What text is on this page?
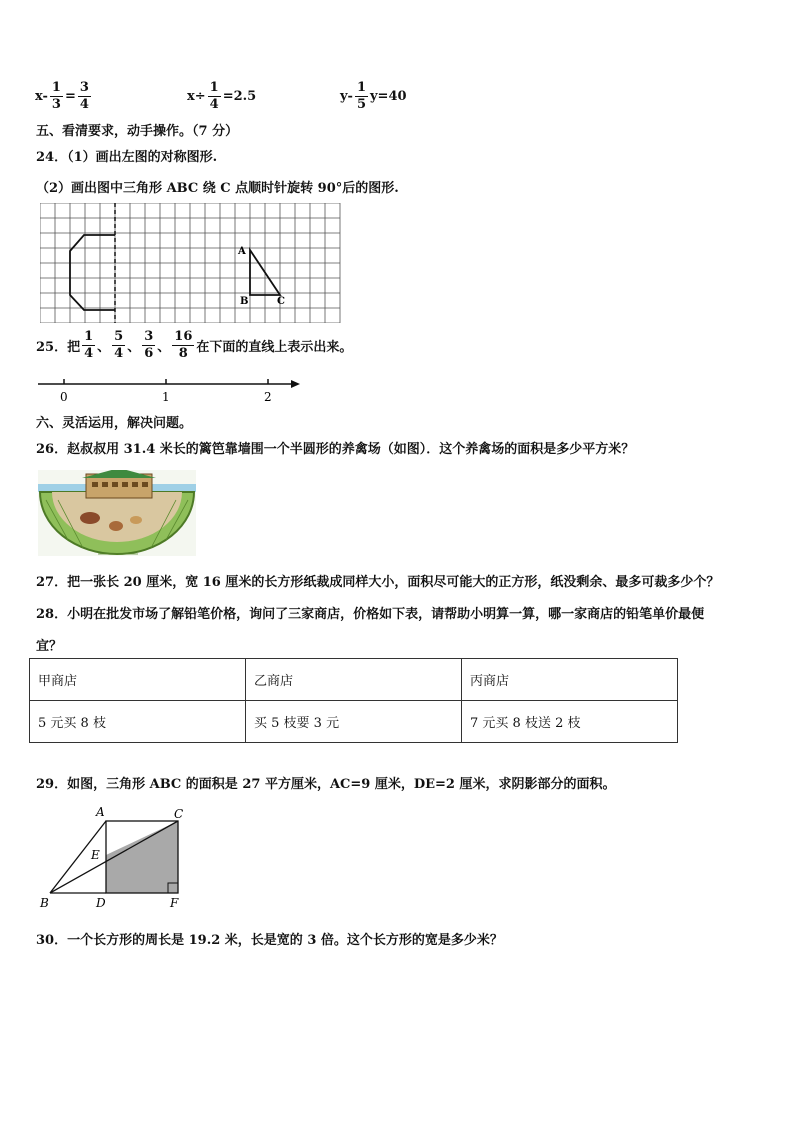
$x- \frac{1}{3} = \frac{3}{4}$	$x\div \frac{1}{4} =2.5$	$y- \frac{1}{5} y=40$
五、看清要求，动手操作。（7 分）
24．（1）画出左图的对称图形.
（2）画出图中三角形 ABC 绕 C 点顺时针旋转 90°后的图形.
A
B	C
25．把 $\frac{1}{4}$ 、 $\frac{5}{4}$ 、 $\frac{3}{6}$ 、 $\frac{16}{8}$ 在下面的直线上表示出来。
0	1	2
六、灵活运用，解决问题。
26．赵叔叔用 31.4 米长的篱笆靠墙围一个半圆形的养禽场（如图）．这个养禽场的面积是多少平方米？
27．把一张长 20 厘米，宽 16 厘米的长方形纸裁成同样大小，面积尽可能大的正方形，纸没剩余、最多可裁多少个？
28．小明在批发市场了解铅笔价格，询问了三家商店，价格如下表，请帮助小明算一算，哪一家商店的铅笔单价最便
宜？
甲商店	乙商店	丙商店
5 元买 8 枝	买 5 枝要 3 元	7 元买 8 枝送 2 枝
29．如图，三角形 ABC 的面积是 27 平方厘米，AC=9 厘米，DE=2 厘米，求阴影部分的面积。
A	C
E
B	D	F
30．一个长方形的周长是 19.2 米，长是宽的 3 倍。这个长方形的宽是多少米？
